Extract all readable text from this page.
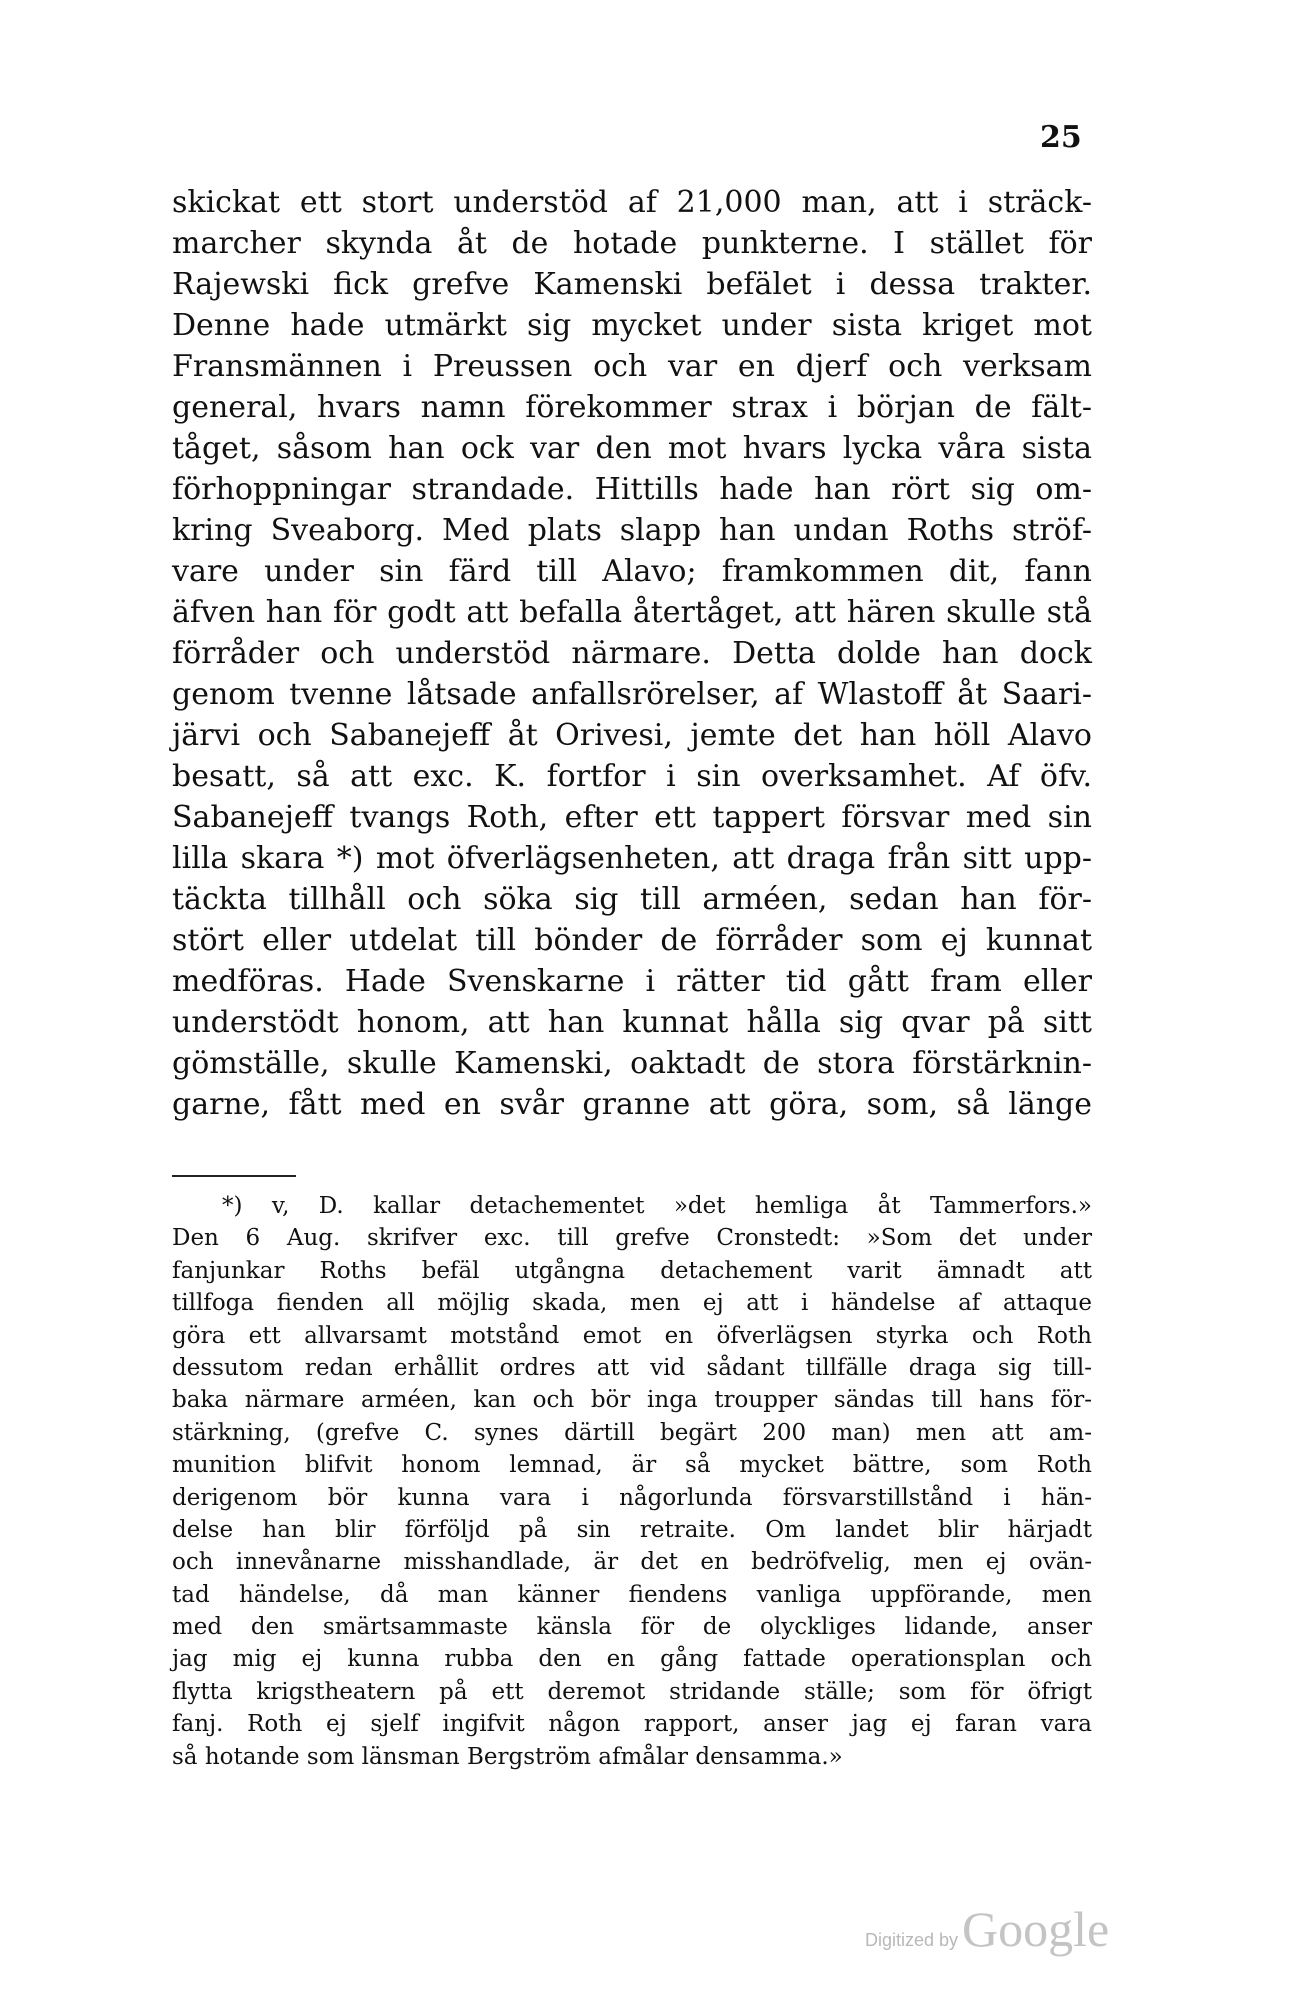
25
skickat ett stort understöd af 21,000 man, att i sträck-
marcher skynda åt de hotade punkterne. I stället för
Rajewski fick grefve Kamenski befälet i dessa trakter.
Denne hade utmärkt sig mycket under sista kriget mot
Fransmännen i Preussen och var en djerf och verksam
general, hvars namn förekommer strax i början de fält-
tåget, såsom han ock var den mot hvars lycka våra sista
förhoppningar strandade. Hittills hade han rört sig om-
kring Sveaborg. Med plats slapp han undan Roths ströf-
vare under sin färd till Alavo; framkommen dit, fann
äfven han för godt att befalla återtåget, att hären skulle stå
förråder och understöd närmare. Detta dolde han dock
genom tvenne låtsade anfallsrörelser, af Wlastoff åt Saari-
järvi och Sabanejeff åt Orivesi, jemte det han höll Alavo
besatt, så att exc. K. fortfor i sin overksamhet. Af öfv.
Sabanejeff tvangs Roth, efter ett tappert försvar med sin
lilla skara *) mot öfverlägsenheten, att draga från sitt upp-
täckta tillhåll och söka sig till arméen, sedan han för-
stört eller utdelat till bönder de förråder som ej kunnat
medföras. Hade Svenskarne i rätter tid gått fram eller
understödt honom, att han kunnat hålla sig qvar på sitt
gömställe, skulle Kamenski, oaktadt de stora förstärknin-
garne, fått med en svår granne att göra, som, så länge
*) v, D. kallar detachementet »det hemliga åt Tammerfors.»
Den 6 Aug. skrifver exc. till grefve Cronstedt: »Som det under
fanjunkar Roths befäl utgångna detachement varit ämnadt att
tillfoga fienden all möjlig skada, men ej att i händelse af attaque
göra ett allvarsamt motstånd emot en öfverlägsen styrka och Roth
dessutom redan erhållit ordres att vid sådant tillfälle draga sig till-
baka närmare arméen, kan och bör inga troupper sändas till hans för-
stärkning, (grefve C. synes därtill begärt 200 man) men att am-
munition blifvit honom lemnad, är så mycket bättre, som Roth
derigenom bör kunna vara i någorlunda försvarstillstånd i hän-
delse han blir förföljd på sin retraite. Om landet blir härjadt
och innevånarne misshandlade, är det en bedröfvelig, men ej ovän-
tad händelse, då man känner fiendens vanliga uppförande, men
med den smärtsammaste känsla för de olyckliges lidande, anser
jag mig ej kunna rubba den en gång fattade operationsplan och
flytta krigstheatern på ett deremot stridande ställe; som för öfrigt
fanj. Roth ej sjelf ingifvit någon rapport, anser jag ej faran vara
så hotande som länsman Bergström afmålar densamma.»
Digitized by Google
